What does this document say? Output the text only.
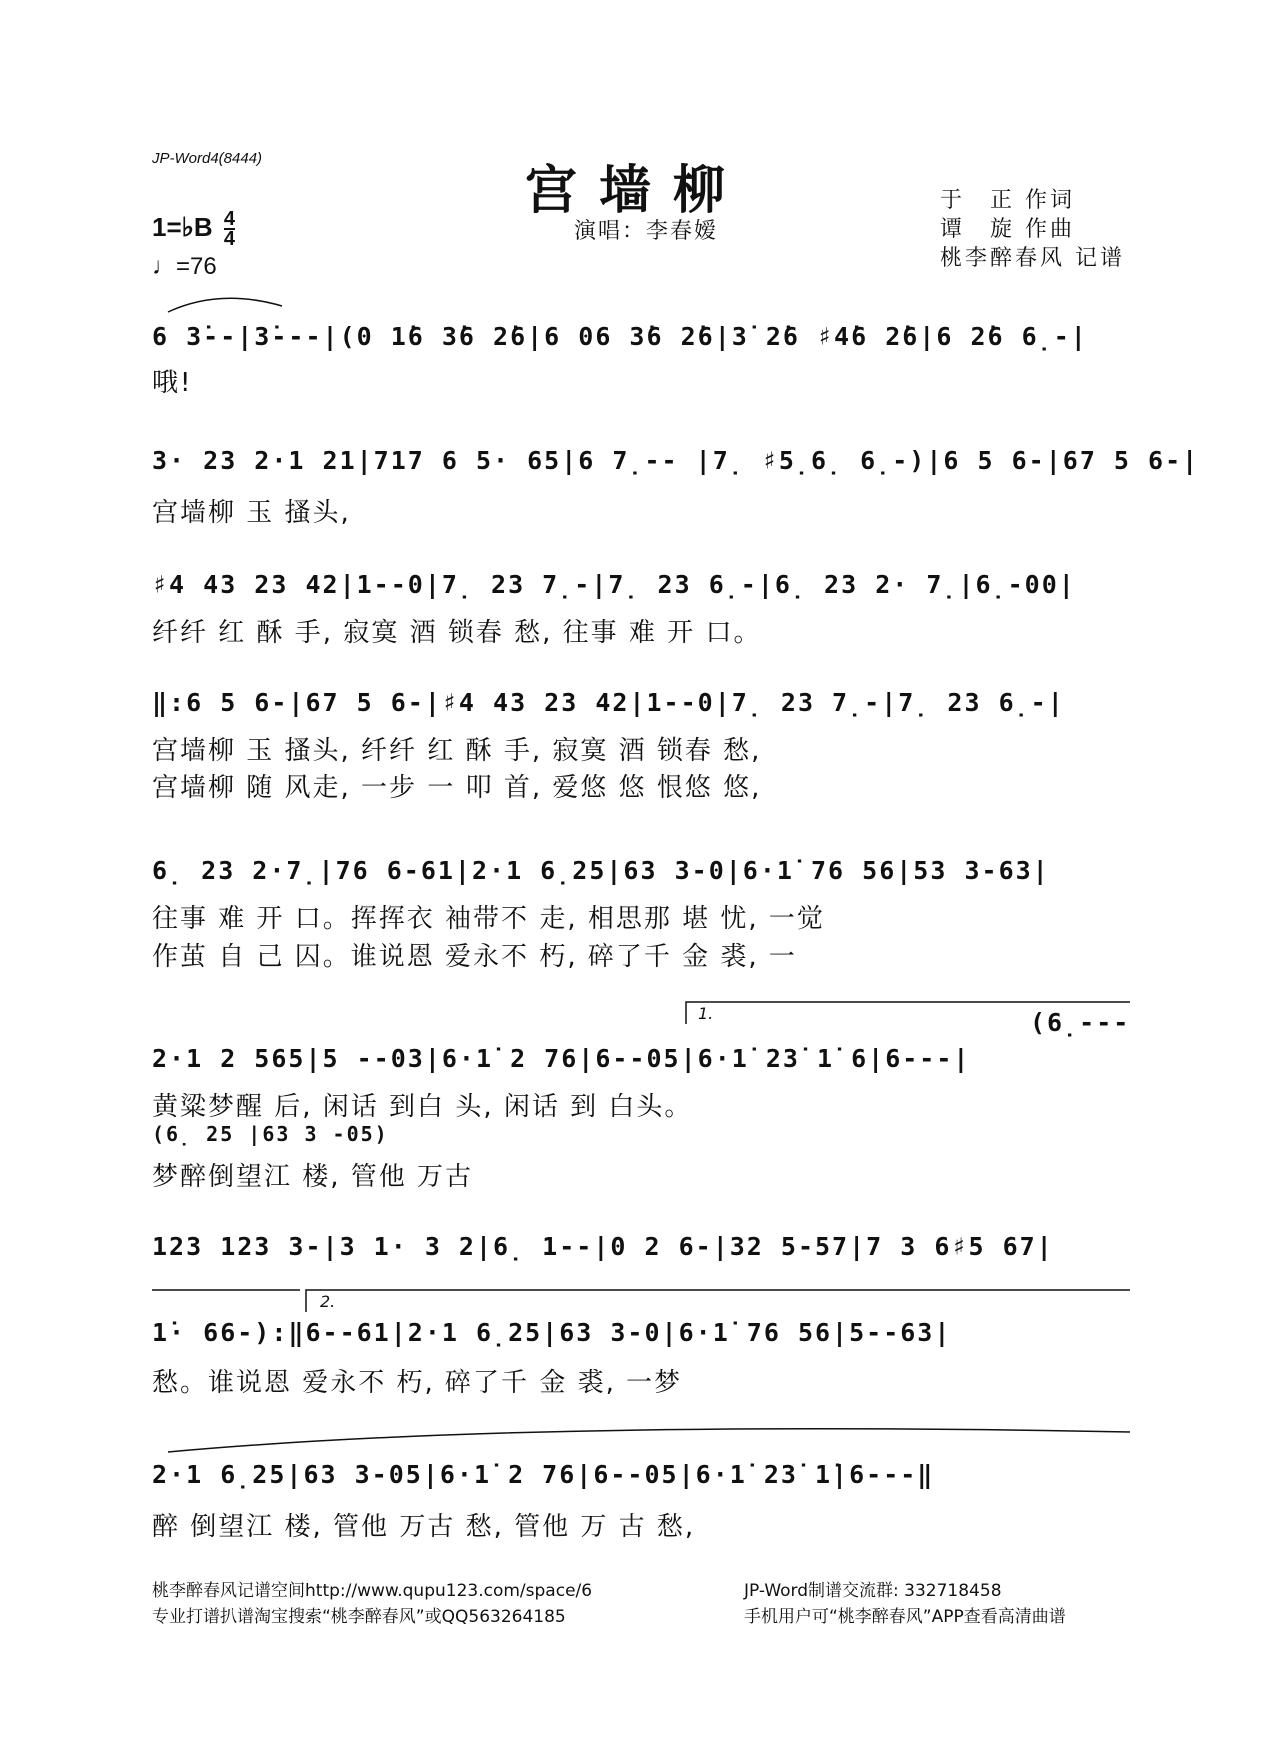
JP-Word4(8444)
宫墙柳
演唱：李春嫒
于　正 作词
谭　旋 作曲
桃李醉春风 记谱
1=♭B $\frac{4}{4}$
♩=76
6 3̇--|3̇---|(0 1̇6 3̇6 2̇6|6 06 3̇6 2̇6|3̇ 2̇6 ♯4̇6 2̇6|6 2̇6 6̣-|
哦!
3· 23 2·1 21|717 6 5· 65|6 7̣-- |7̣ ♯5̣6̣ 6̣-)|6 5 6-|67 5 6-|
宫墙柳 玉 搔头,
♯4 43 23 42|1--0|7̣ 23 7̣-|7̣ 23 6̣-|6̣ 23 2· 7̣|6̣-00|
纤纤 红 酥 手, 寂寞 酒 锁春 愁, 往事 难 开 口。
‖:6 5 6-|67 5 6-|♯4 43 23 42|1--0|7̣ 23 7̣-|7̣ 23 6̣-|
宫墙柳 玉 搔头, 纤纤 红 酥 手, 寂寞 酒 锁春 愁,
宫墙柳 随 风走, 一步 一 叩 首, 爱悠 悠 恨悠 悠,
6̣ 23 2·7̣|76 6-61|2·1 6̣25|63 3-0|6·1̇ 76 56|53 3-63|
往事 难 开 口。挥挥衣 袖带不 走, 相思那 堪 忧, 一觉
作茧 自 己 囚。谁说恩 爱永不 朽, 碎了千 金 裘, 一
1.	(6̣---
2·1 2 565|5 --03|6·1̇ 2 76|6--05|6·1̇ 23̇ 1̇ 6|6---|
黄粱梦醒 后, 闲话 到白 头, 闲话 到 白头。
(6̣ 25 |63 3 -05)
梦醉倒望江 楼, 管他 万古
123 123 3-|3 1· 3 2|6̣ 1--|0 2 6-|32 5-57|7 3 6♯5 67|
2.
1̇· 66-):‖6--61|2·1 6̣25|63 3-0|6·1̇ 76 56|5--63|
愁。谁说恩 爱永不 朽, 碎了千 金 裘, 一梦
2·1 6̣25|63 3-05|6·1̇ 2 76|6--05|6·1̇ 23̇ 1̇|6---‖
醉 倒望江 楼, 管他 万古 愁, 管他 万 古 愁,
桃李醉春风记谱空间http://www.qupu123.com/space/6
专业打谱扒谱淘宝搜索“桃李醉春风”或QQ563264185
JP-Word制谱交流群: 332718458
手机用户可“桃李醉春风”APP查看高清曲谱
